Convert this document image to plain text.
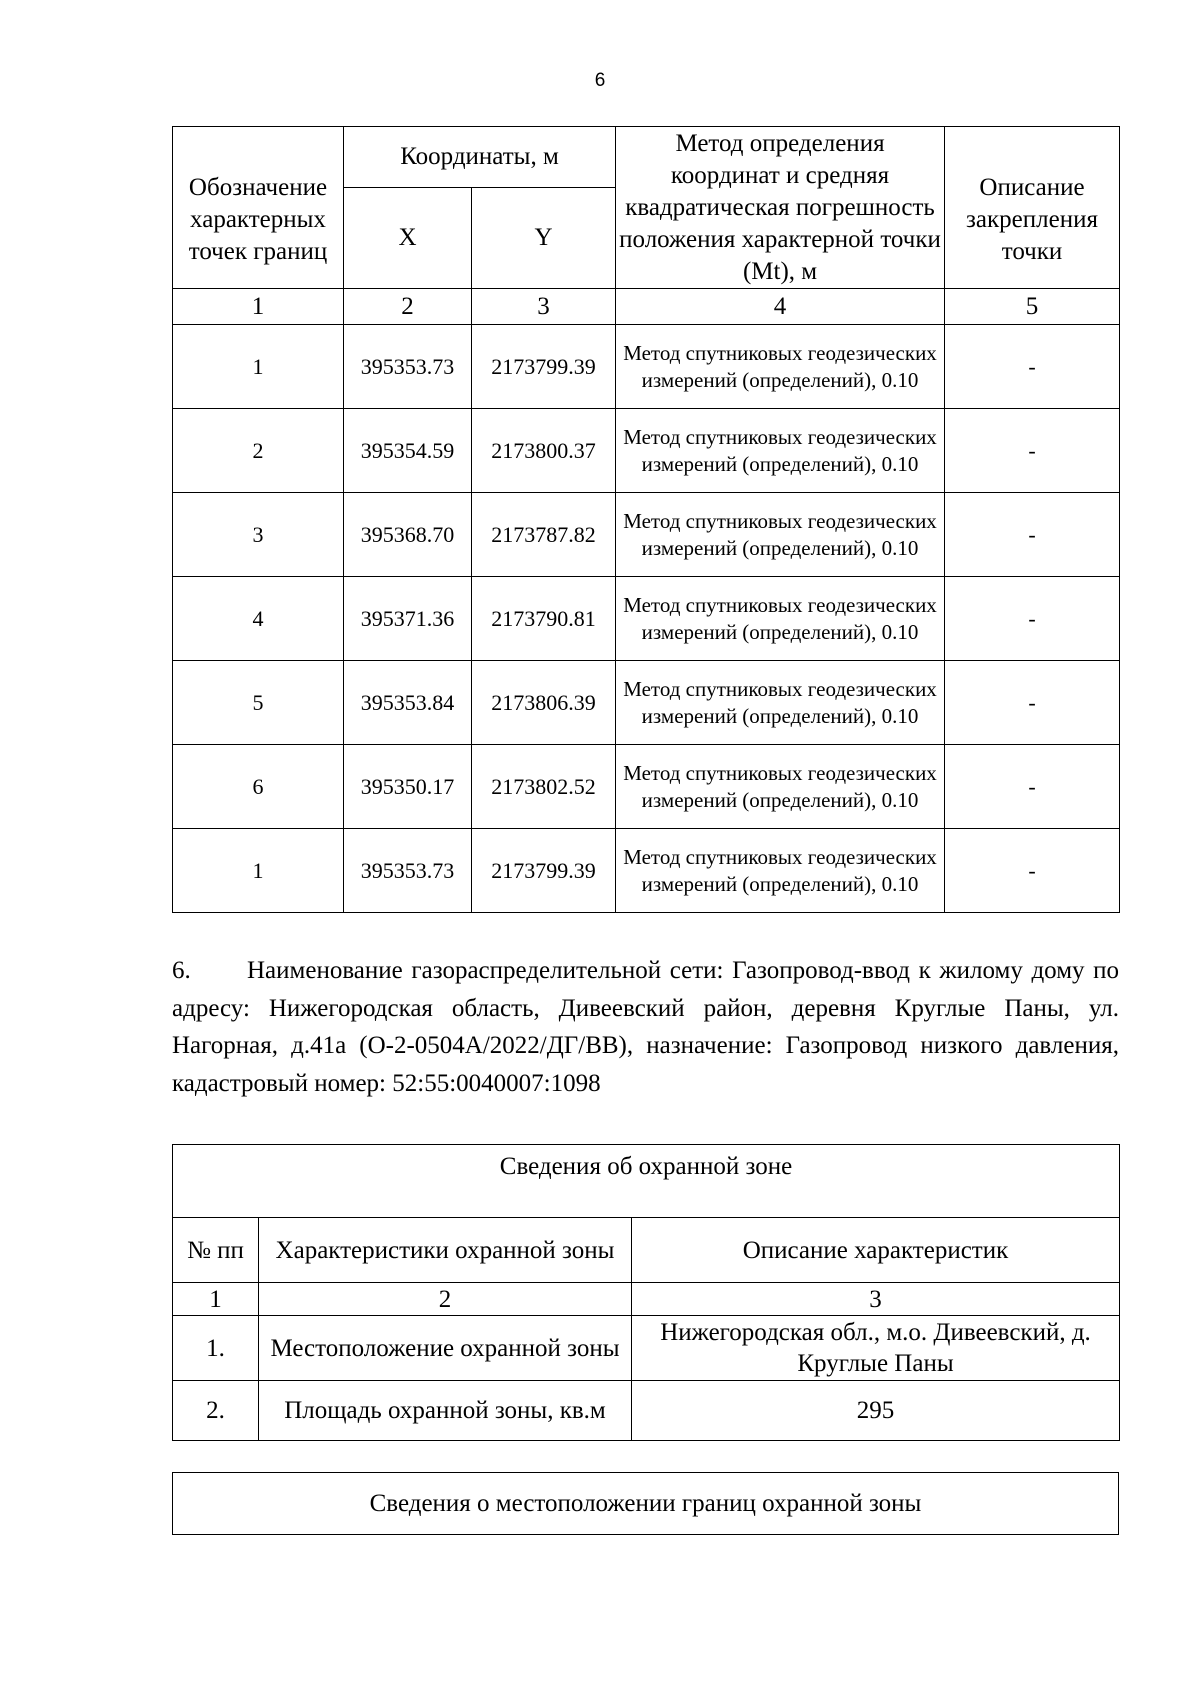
6
Обозначение характерных точек границ	Координаты, м		Метод определения координат и средняя квадратическая погрешность положения характерной точки (Mt), м	Описание закрепления точки
	X	Y		
1	2	3	4	5
1	395353.73	2173799.39	Метод спутниковых геодезических измерений (определений), 0.10	-
2	395354.59	2173800.37	Метод спутниковых геодезических измерений (определений), 0.10	-
3	395368.70	2173787.82	Метод спутниковых геодезических измерений (определений), 0.10	-
4	395371.36	2173790.81	Метод спутниковых геодезических измерений (определений), 0.10	-
5	395353.84	2173806.39	Метод спутниковых геодезических измерений (определений), 0.10	-
6	395350.17	2173802.52	Метод спутниковых геодезических измерений (определений), 0.10	-
1	395353.73	2173799.39	Метод спутниковых геодезических измерений (определений), 0.10	-
6. Наименование газораспределительной сети: Газопровод-ввод к жилому дому по адресу: Нижегородская область, Дивеевский район, деревня Круглые Паны, ул. Нагорная, д.41а (О-2-0504А/2022/ДГ/ВВ), назначение: Газопровод низкого давления, кадастровый номер: 52:55:0040007:1098
Сведения об охранной зоне		
№ пп	Характеристики охранной зоны	Описание характеристик
1	2	3
1.	Местоположение охранной зоны	Нижегородская обл., м.о. Дивеевский, д. Круглые Паны
2.	Площадь охранной зоны, кв.м	295
Сведения о местоположении границ охранной зоны
